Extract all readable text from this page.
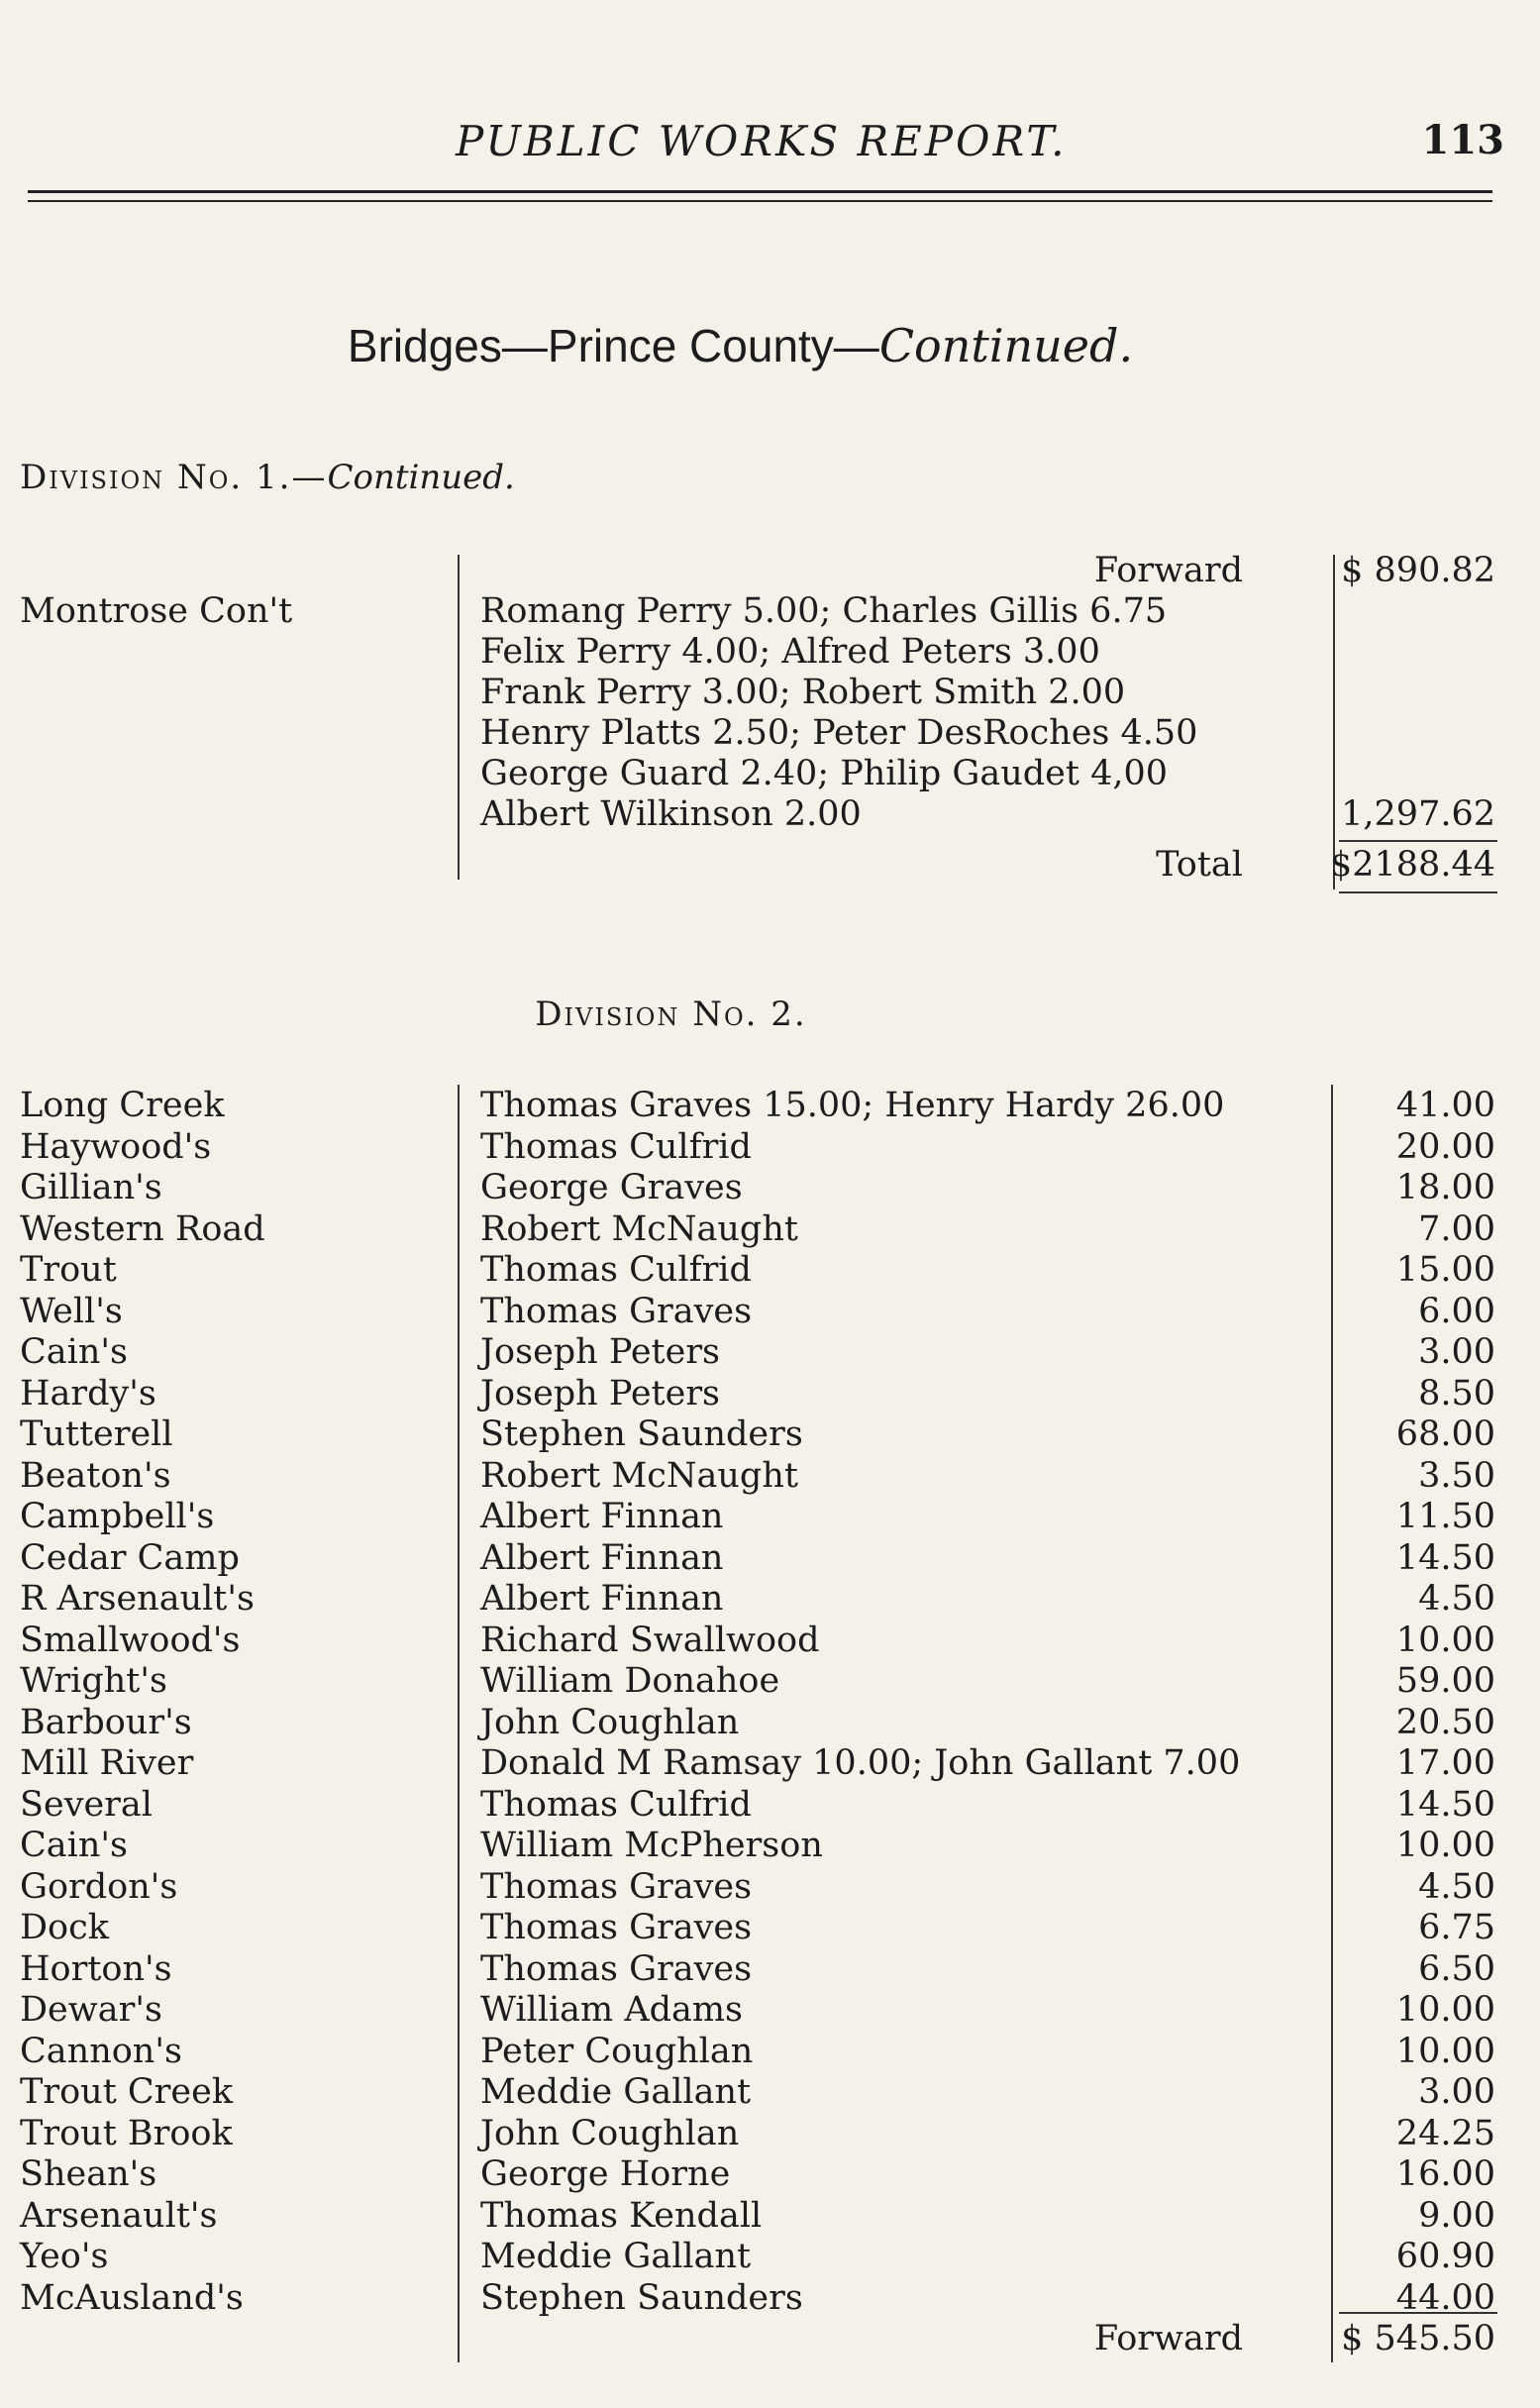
PUBLIC WORKS REPORT.	113
Bridges—Prince County—Continued.
Division No. 1.—Continued.
Forward	$ 890.82
Montrose Con't	Romang Perry 5.00; Charles Gillis 6.75
Felix Perry 4.00; Alfred Peters 3.00
Frank Perry 3.00; Robert Smith 2.00
Henry Platts 2.50; Peter DesRoches 4.50
George Guard 2.40; Philip Gaudet 4,00
Albert Wilkinson 2.00	1,297.62
Total	$2188.44
Division No. 2.
Long Creek	Thomas Graves 15.00; Henry Hardy 26.00	41.00
Haywood's	Thomas Culfrid	20.00
Gillian's	George Graves	18.00
Western Road	Robert McNaught	7.00
Trout	Thomas Culfrid	15.00
Well's	Thomas Graves	6.00
Cain's	Joseph Peters	3.00
Hardy's	Joseph Peters	8.50
Tutterell	Stephen Saunders	68.00
Beaton's	Robert McNaught	3.50
Campbell's	Albert Finnan	11.50
Cedar Camp	Albert Finnan	14.50
R Arsenault's	Albert Finnan	4.50
Smallwood's	Richard Swallwood	10.00
Wright's	William Donahoe	59.00
Barbour's	John Coughlan	20.50
Mill River	Donald M Ramsay 10.00; John Gallant 7.00	17.00
Several	Thomas Culfrid	14.50
Cain's	William McPherson	10.00
Gordon's	Thomas Graves	4.50
Dock	Thomas Graves	6.75
Horton's	Thomas Graves	6.50
Dewar's	William Adams	10.00
Cannon's	Peter Coughlan	10.00
Trout Creek	Meddie Gallant	3.00
Trout Brook	John Coughlan	24.25
Shean's	George Horne	16.00
Arsenault's	Thomas Kendall	9.00
Yeo's	Meddie Gallant	60.90
McAusland's	Stephen Saunders	44.00
Forward	$ 545.50
